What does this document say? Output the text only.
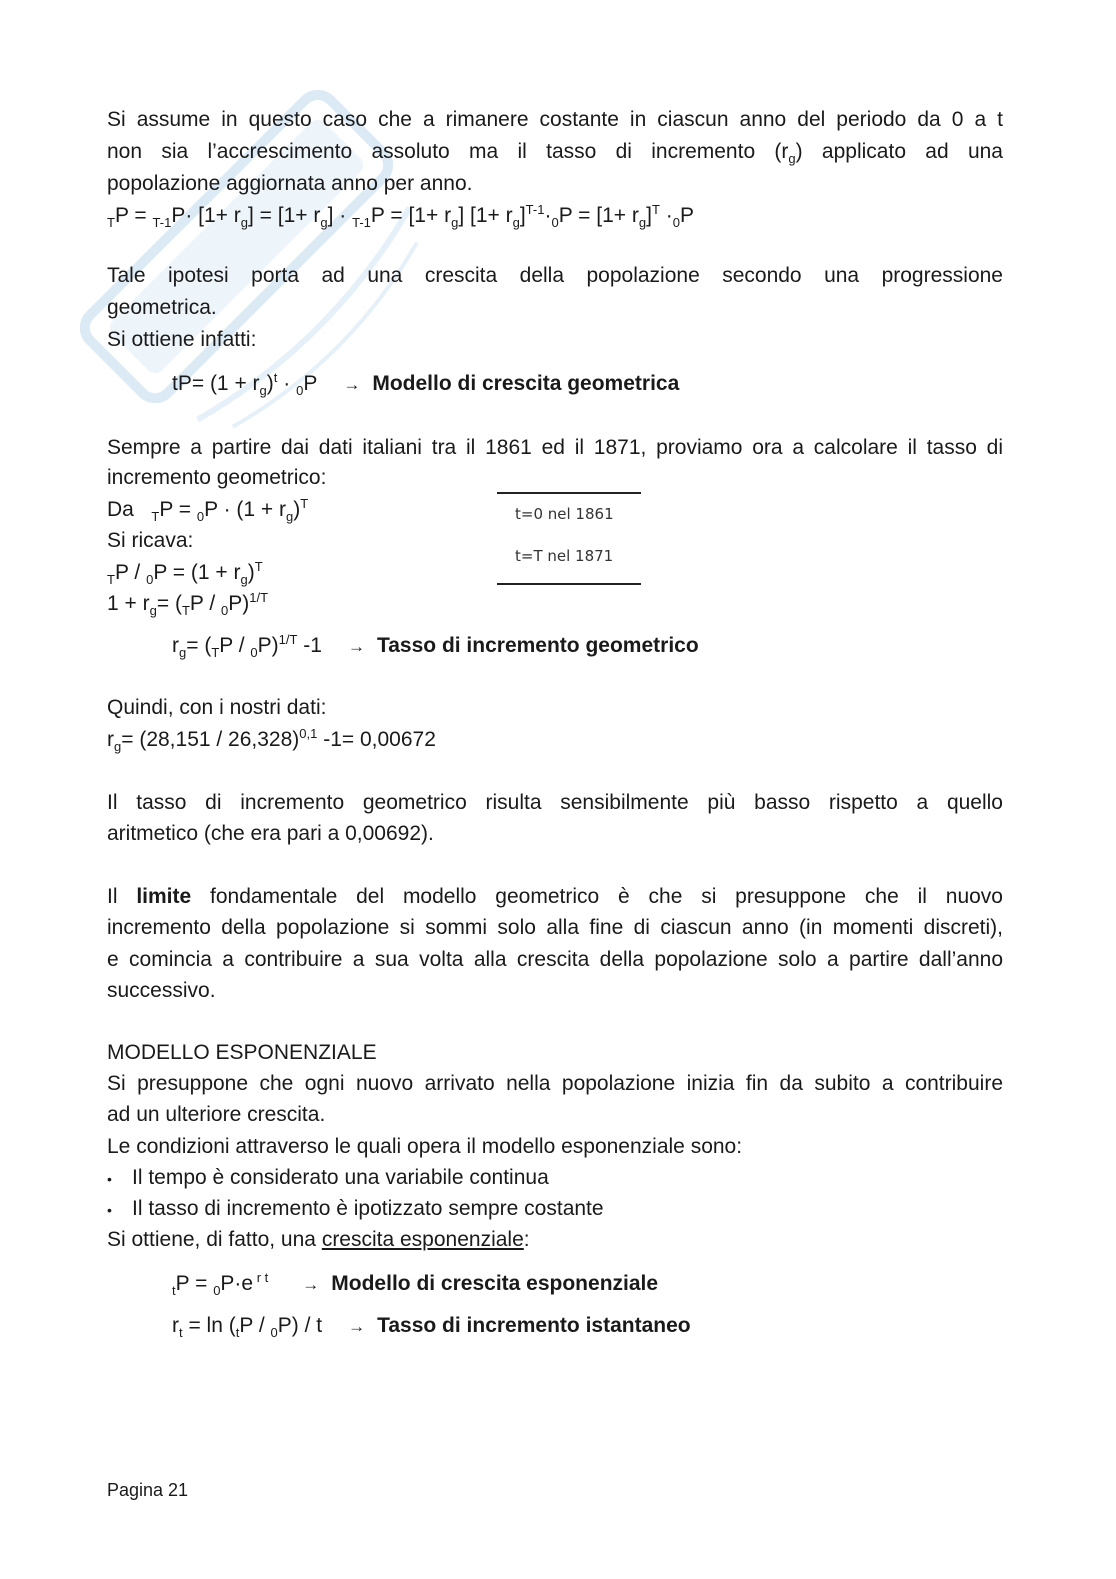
Si assume in questo caso che a rimanere costante in ciascun anno del periodo da 0 a t
non sia l’accrescimento assoluto ma il tasso di incremento $(r_g)$ applicato ad una
popolazione aggiornata anno per anno.
$_TP = _{T-1}P\cdot [1+ r_g] = [1+ r_g] \cdot _{T-1}P = [1+ r_g]$ $[1+ r_g]^{T-1}\cdot_0P = [1+ r_g]^T \cdot_0P$
Tale ipotesi porta ad una crescita della popolazione secondo una progressione
geometrica.
Si ottiene infatti:
$tP= (1 + r_g)^t \cdot _0P$ → Modello di crescita geometrica
Sempre a partire dai dati italiani tra il 1861 ed il 1871, proviamo ora a calcolare il tasso di
incremento geometrico:
Da   $_TP = _0P \cdot (1 + r_g)^T$
Si ricava:
$_TP / _0P = (1 + r_g)^T$
$1 + r_g= (_TP / _0P)^{1/T}$
t=0 nel 1861
t=T nel 1871
$r_g= (_TP / _0P)^{1/T}$ -1 → Tasso di incremento geometrico
Quindi, con i nostri dati:
$r_g= (28,151 / 26,328)^{0,1}$ -1= 0,00672
Il tasso di incremento geometrico risulta sensibilmente più basso rispetto a quello
aritmetico (che era pari a 0,00692).
Il limite fondamentale del modello geometrico è che si presuppone che il nuovo
incremento della popolazione si sommi solo alla fine di ciascun anno (in momenti discreti),
e comincia a contribuire a sua volta alla crescita della popolazione solo a partire dall’anno
successivo.
MODELLO ESPONENZIALE
Si presuppone che ogni nuovo arrivato nella popolazione inizia fin da subito a contribuire
ad un ulteriore crescita.
Le condizioni attraverso le quali opera il modello esponenziale sono:
• Il tempo è considerato una variabile continua
• Il tasso di incremento è ipotizzato sempre costante
Si ottiene, di fatto, una crescita esponenziale:
$_t$P = $_0$P·e $^{r t}$ → Modello di crescita esponenziale
$r_t = \ln (_tP / _0P) / t$ → Tasso di incremento istantaneo
Pagina 21
